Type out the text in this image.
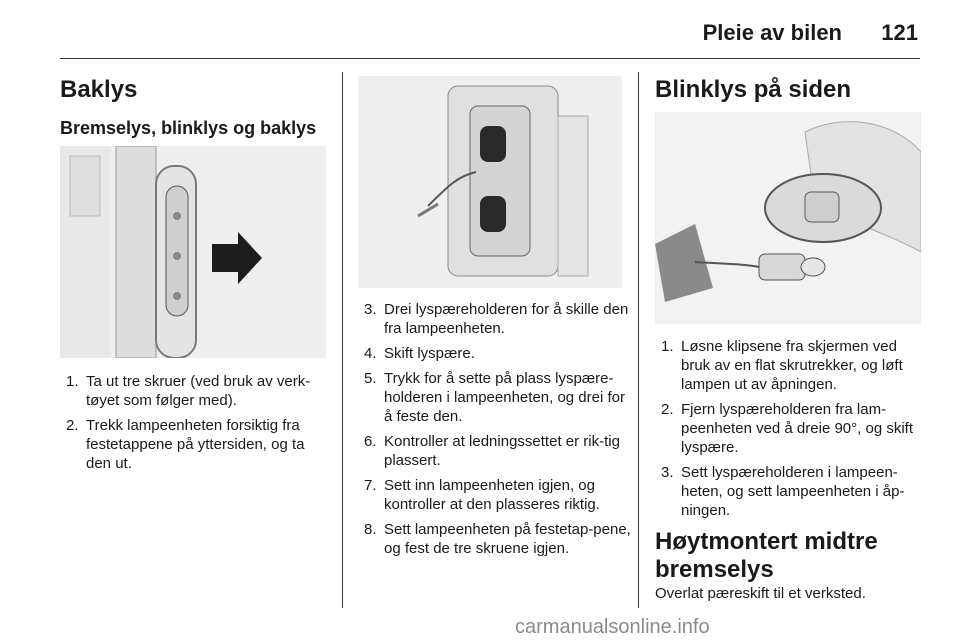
Pleie av bilen 121
Baklys
Bremselys, blinklys og baklys
1. Ta ut tre skruer (ved bruk av verk-tøyet som følger med).
2. Trekk lampeenheten forsiktig fra festetappene på yttersiden, og ta den ut.
3. Drei lyspæreholderen for å skille den fra lampeenheten.
4. Skift lyspære.
5. Trykk for å sette på plass lyspære-holderen i lampeenheten, og drei for å feste den.
6. Kontroller at ledningssettet er rik-tig plassert.
7. Sett inn lampeenheten igjen, og kontroller at den plasseres riktig.
8. Sett lampeenheten på festetap-pene, og fest de tre skruene igjen.
Blinklys på siden
1. Løsne klipsene fra skjermen ved bruk av en flat skrutrekker, og løft lampen ut av åpningen.
2. Fjern lyspæreholderen fra lam-peenheten ved å dreie 90°, og skift lyspære.
3. Sett lyspæreholderen i lampeen-heten, og sett lampeenheten i åp-ningen.
Høytmontert midtre bremselys
Overlat pæreskift til et verksted.
carmanualsonline.info
